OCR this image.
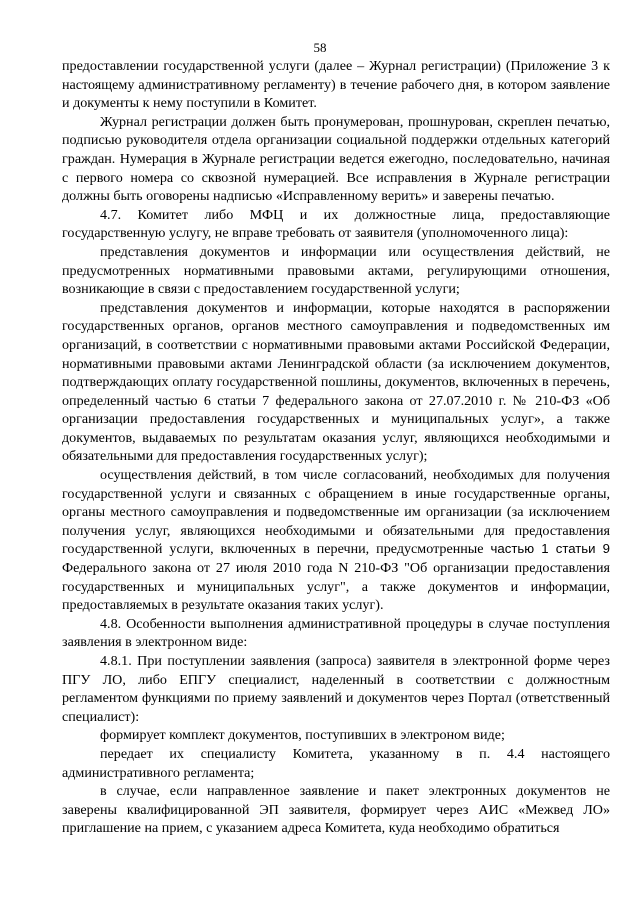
58

предоставлении государственной услуги (далее – Журнал регистрации) (Приложение 3 к настоящему административному регламенту) в течение рабочего дня, в котором заявление и документы к нему поступили в Комитет.

Журнал регистрации должен быть пронумерован, прошнурован, скреплен печатью, подписью руководителя отдела организации социальной поддержки отдельных категорий граждан. Нумерация в Журнале регистрации ведется ежегодно, последовательно, начиная с первого номера со сквозной нумерацией. Все исправления в Журнале регистрации должны быть оговорены надписью «Исправленному верить» и заверены печатью.

4.7. Комитет либо МФЦ и их должностные лица, предоставляющие государственную услугу, не вправе требовать от заявителя (уполномоченного лица):

представления документов и информации или осуществления действий, не предусмотренных нормативными правовыми актами, регулирующими отношения, возникающие в связи с предоставлением государственной услуги;

представления документов и информации, которые находятся в распоряжении государственных органов, органов местного самоуправления и подведомственных им организаций, в соответствии с нормативными правовыми актами Российской Федерации, нормативными правовыми актами Ленинградской области (за исключением документов, подтверждающих оплату государственной пошлины, документов, включенных в перечень, определенный частью 6 статьи 7 федерального закона от 27.07.2010 г. № 210-ФЗ «Об организации предоставления государственных и муниципальных услуг», а также документов, выдаваемых по результатам оказания услуг, являющихся необходимыми и обязательными для предоставления государственных услуг);

осуществления действий, в том числе согласований, необходимых для получения государственной услуги и связанных с обращением в иные государственные органы, органы местного самоуправления и подведомственные им организации (за исключением получения услуг, являющихся необходимыми и обязательными для предоставления государственной услуги, включенных в перечни, предусмотренные частью 1 статьи 9 Федерального закона от 27 июля 2010 года N 210-ФЗ "Об организации предоставления государственных и муниципальных услуг", а также документов и информации, предоставляемых в результате оказания таких услуг).

4.8. Особенности выполнения административной процедуры в случае поступления заявления в электронном виде:

4.8.1. При поступлении заявления (запроса) заявителя в электронной форме через ПГУ ЛО, либо ЕПГУ специалист, наделенный в соответствии с должностным регламентом функциями по приему заявлений и документов через Портал (ответственный специалист):

формирует комплект документов, поступивших в электроном виде;

передает их специалисту Комитета, указанному в п. 4.4 настоящего административного регламента;

в случае, если направленное заявление и пакет электронных документов не заверены квалифицированной ЭП заявителя, формирует через АИС «Межвед ЛО» приглашение на прием, с указанием адреса Комитета, куда необходимо обратиться
